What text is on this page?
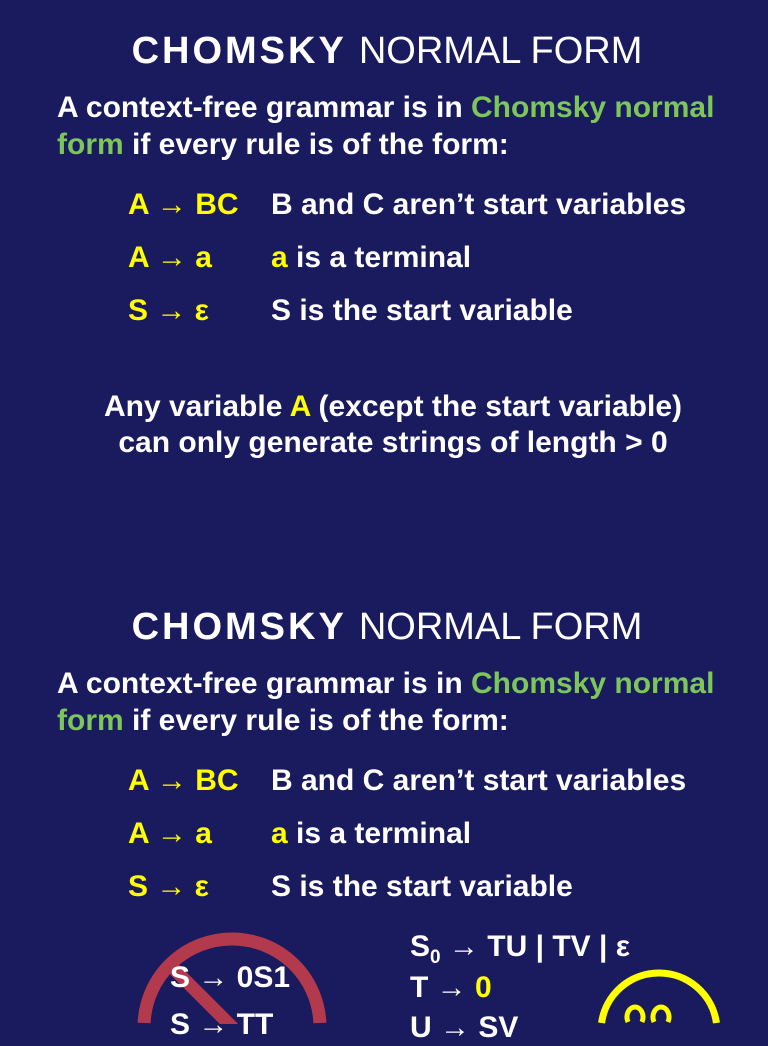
CHOMSKY NORMAL FORM
A context-free grammar is in Chomsky normal
form if every rule is of the form:
A → BC B and C aren’t start variables
A → a a is a terminal
S → ε S is the start variable
Any variable A (except the start variable)
can only generate strings of length > 0
CHOMSKY NORMAL FORM
A context-free grammar is in Chomsky normal
form if every rule is of the form:
A → BC B and C aren’t start variables
A → a a is a terminal
S → ε S is the start variable
S → 0S1
S → TT
$S_0$ → TU | TV | ε
T → 0
U → SV
